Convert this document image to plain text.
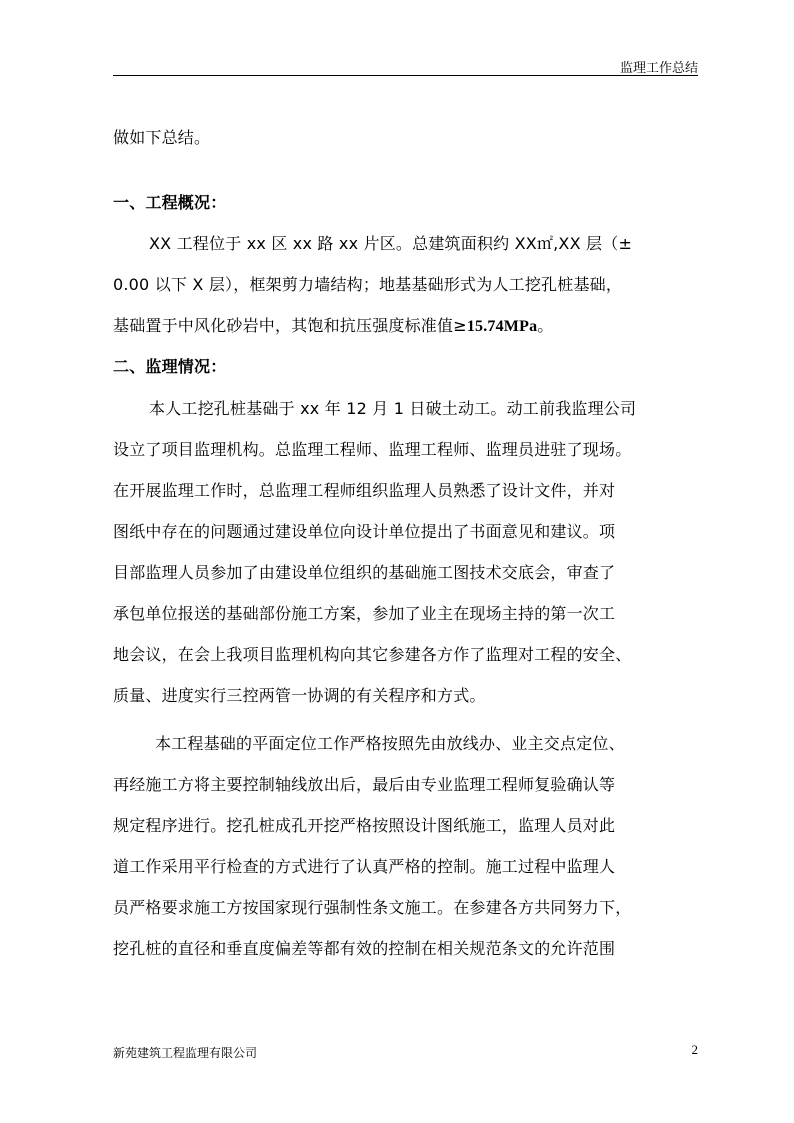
监理工作总结
做如下总结。
一、工程概况：
XX 工程位于 xx 区 xx 路 xx 片区。总建筑面积约 XX㎡,XX 层（±
0.00 以下 X 层），框架剪力墙结构；地基基础形式为人工挖孔桩基础，
基础置于中风化砂岩中，其饱和抗压强度标准值≥15.74MPa。
二、监理情况：
本人工挖孔桩基础于 xx 年 12 月 1 日破土动工。动工前我监理公司
设立了项目监理机构。总监理工程师、监理工程师、监理员进驻了现场。
在开展监理工作时，总监理工程师组织监理人员熟悉了设计文件，并对
图纸中存在的问题通过建设单位向设计单位提出了书面意见和建议。项
目部监理人员参加了由建设单位组织的基础施工图技术交底会，审查了
承包单位报送的基础部份施工方案，参加了业主在现场主持的第一次工
地会议，在会上我项目监理机构向其它参建各方作了监理对工程的安全、
质量、进度实行三控两管一协调的有关程序和方式。
本工程基础的平面定位工作严格按照先由放线办、业主交点定位、
再经施工方将主要控制轴线放出后，最后由专业监理工程师复验确认等
规定程序进行。挖孔桩成孔开挖严格按照设计图纸施工，监理人员对此
道工作采用平行检查的方式进行了认真严格的控制。施工过程中监理人
员严格要求施工方按国家现行强制性条文施工。在参建各方共同努力下，
挖孔桩的直径和垂直度偏差等都有效的控制在相关规范条文的允许范围
新苑建筑工程监理有限公司	2
